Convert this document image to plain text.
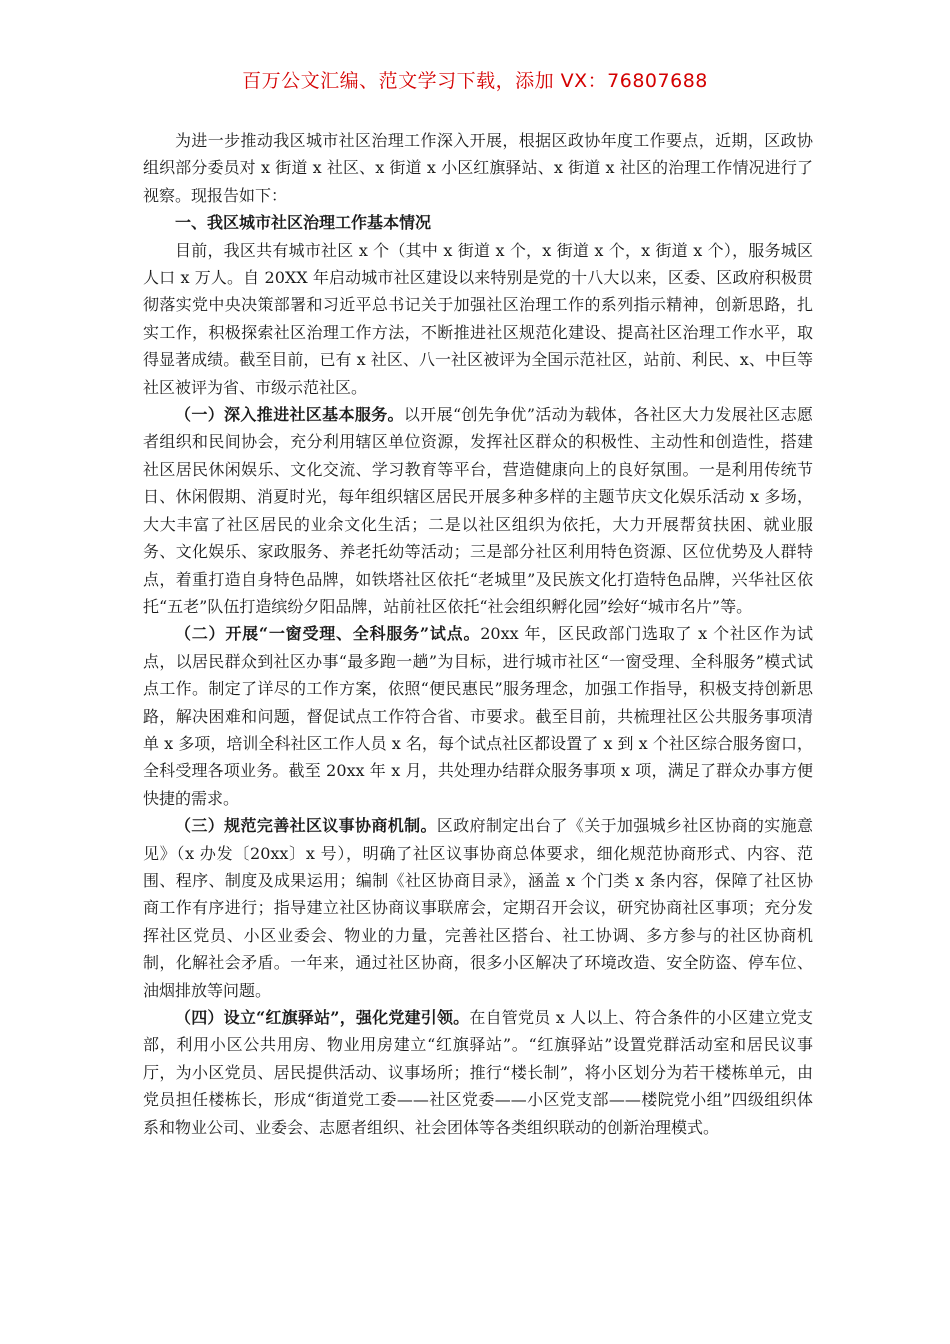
百万公文汇编、范文学习下载，添加 VX：76807688

为进一步推动我区城市社区治理工作深入开展，根据区政协年度工作要点，近期，区政协组织部分委员对 x 街道 x 社区、x 街道 x 小区红旗驿站、x 街道 x 社区的治理工作情况进行了视察。现报告如下：

一、我区城市社区治理工作基本情况

目前，我区共有城市社区 x 个（其中 x 街道 x 个，x 街道 x 个，x 街道 x 个），服务城区人口 x 万人。自 20XX 年启动城市社区建设以来特别是党的十八大以来，区委、区政府积极贯彻落实党中央决策部署和习近平总书记关于加强社区治理工作的系列指示精神，创新思路，扎实工作，积极探索社区治理工作方法，不断推进社区规范化建设、提高社区治理工作水平，取得显著成绩。截至目前，已有 x 社区、八一社区被评为全国示范社区，站前、利民、x、中巨等社区被评为省、市级示范社区。

（一）深入推进社区基本服务。以开展“创先争优”活动为载体，各社区大力发展社区志愿者组织和民间协会，充分利用辖区单位资源，发挥社区群众的积极性、主动性和创造性，搭建社区居民休闲娱乐、文化交流、学习教育等平台，营造健康向上的良好氛围。一是利用传统节日、休闲假期、消夏时光，每年组织辖区居民开展多种多样的主题节庆文化娱乐活动 x 多场，大大丰富了社区居民的业余文化生活；二是以社区组织为依托，大力开展帮贫扶困、就业服务、文化娱乐、家政服务、养老托幼等活动；三是部分社区利用特色资源、区位优势及人群特点，着重打造自身特色品牌，如铁塔社区依托“老城里”及民族文化打造特色品牌，兴华社区依托“五老”队伍打造缤纷夕阳品牌，站前社区依托“社会组织孵化园”绘好“城市名片”等。

（二）开展“一窗受理、全科服务”试点。20xx 年，区民政部门选取了 x 个社区作为试点，以居民群众到社区办事“最多跑一趟”为目标，进行城市社区“一窗受理、全科服务”模式试点工作。制定了详尽的工作方案，依照“便民惠民”服务理念，加强工作指导，积极支持创新思路，解决困难和问题，督促试点工作符合省、市要求。截至目前，共梳理社区公共服务事项清单 x 多项，培训全科社区工作人员 x 名，每个试点社区都设置了 x 到 x 个社区综合服务窗口，全科受理各项业务。截至 20xx 年 x 月，共处理办结群众服务事项 x 项，满足了群众办事方便快捷的需求。

（三）规范完善社区议事协商机制。区政府制定出台了《关于加强城乡社区协商的实施意见》（x 办发〔20xx〕x 号），明确了社区议事协商总体要求，细化规范协商形式、内容、范围、程序、制度及成果运用；编制《社区协商目录》，涵盖 x 个门类 x 条内容，保障了社区协商工作有序进行；指导建立社区协商议事联席会，定期召开会议，研究协商社区事项；充分发挥社区党员、小区业委会、物业的力量，完善社区搭台、社工协调、多方参与的社区协商机制，化解社会矛盾。一年来，通过社区协商，很多小区解决了环境改造、安全防盗、停车位、油烟排放等问题。

（四）设立“红旗驿站”，强化党建引领。在自管党员 x 人以上、符合条件的小区建立党支部，利用小区公共用房、物业用房建立“红旗驿站”。“红旗驿站”设置党群活动室和居民议事厅，为小区党员、居民提供活动、议事场所；推行“楼长制”，将小区划分为若干楼栋单元，由党员担任楼栋长，形成“街道党工委——社区党委——小区党支部——楼院党小组”四级组织体系和物业公司、业委会、志愿者组织、社会团体等各类组织联动的创新治理模式。
